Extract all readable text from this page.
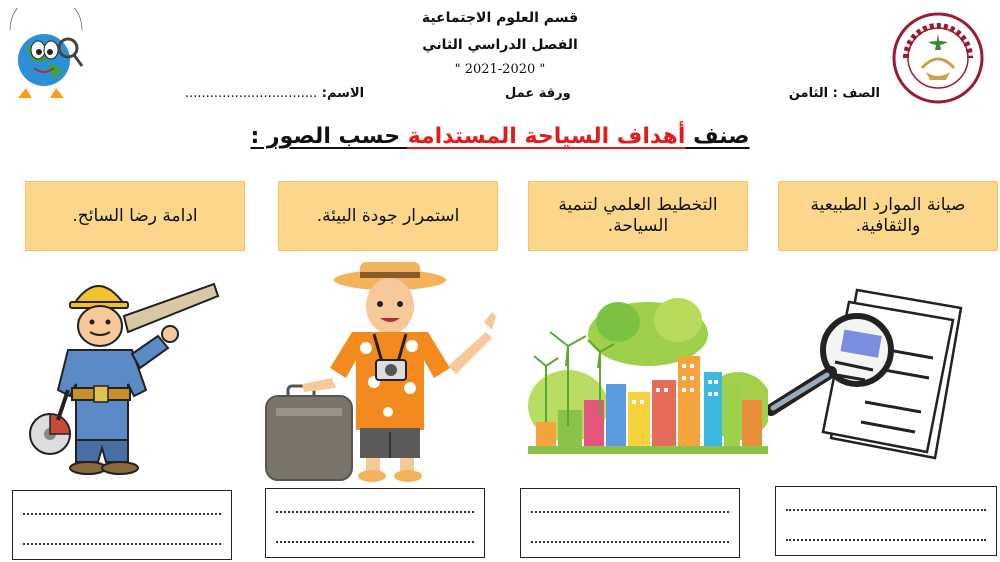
قسم العلوم الاجتماعية
الفصل الدراسي الثاني
" 2021-2020 "
الصف : الثامن
ورقة عمل
الاسم: ................................
صنف أهداف السياحة المستدامة حسب الصور :
صيانة الموارد الطبيعية والثقافية.
التخطيط العلمي لتنمية السياحة.
استمرار جودة البيئة.
ادامة رضا السائح.
